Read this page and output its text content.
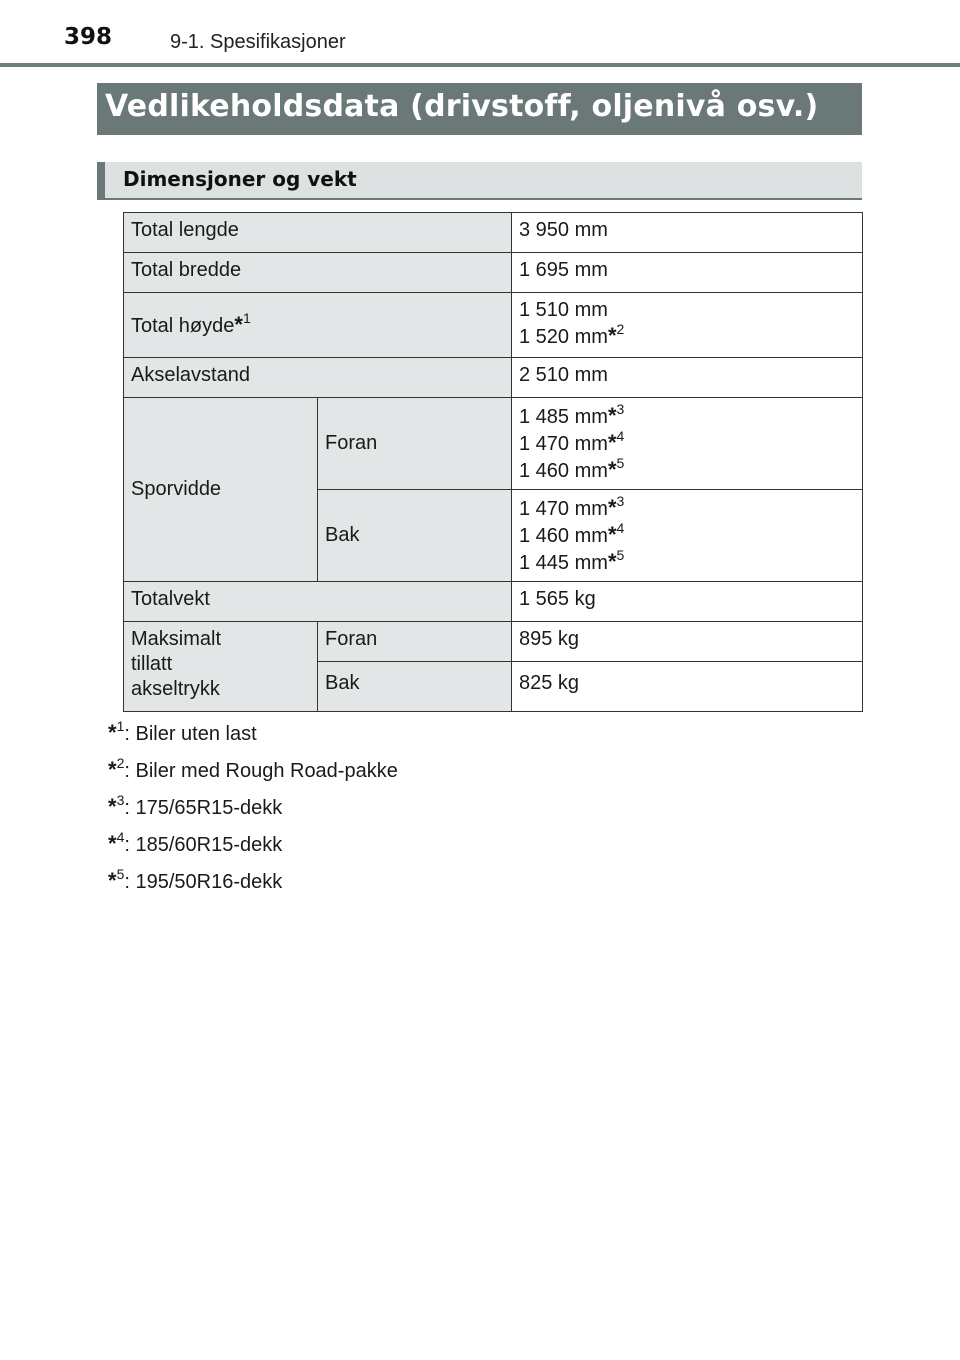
398	9-1. Spesifikasjoner
Vedlikeholdsdata (drivstoff, oljenivå osv.)
Dimensjoner og vekt
Total lengde		3 950 mm
Total bredde		1 695 mm
Total høyde*$^1$		1 510 mm
1 520 mm*$^2$

Akselavstand		2 510 mm
Sporvidde	Foran	1 485 mm*$^3$
1 470 mm*$^4$
1 460 mm*$^5$

	Bak	1 470 mm*$^3$
1 460 mm*$^4$
1 445 mm*$^5$

Totalvekt		1 565 kg

Maksimalt
tillatt
akseltrykk	Foran	895 kg
	Bak	825 kg
*$^1$: Biler uten last
*$^2$: Biler med Rough Road-pakke
*$^3$: 175/65R15-dekk
*$^4$: 185/60R15-dekk
*$^5$: 195/50R16-dekk
